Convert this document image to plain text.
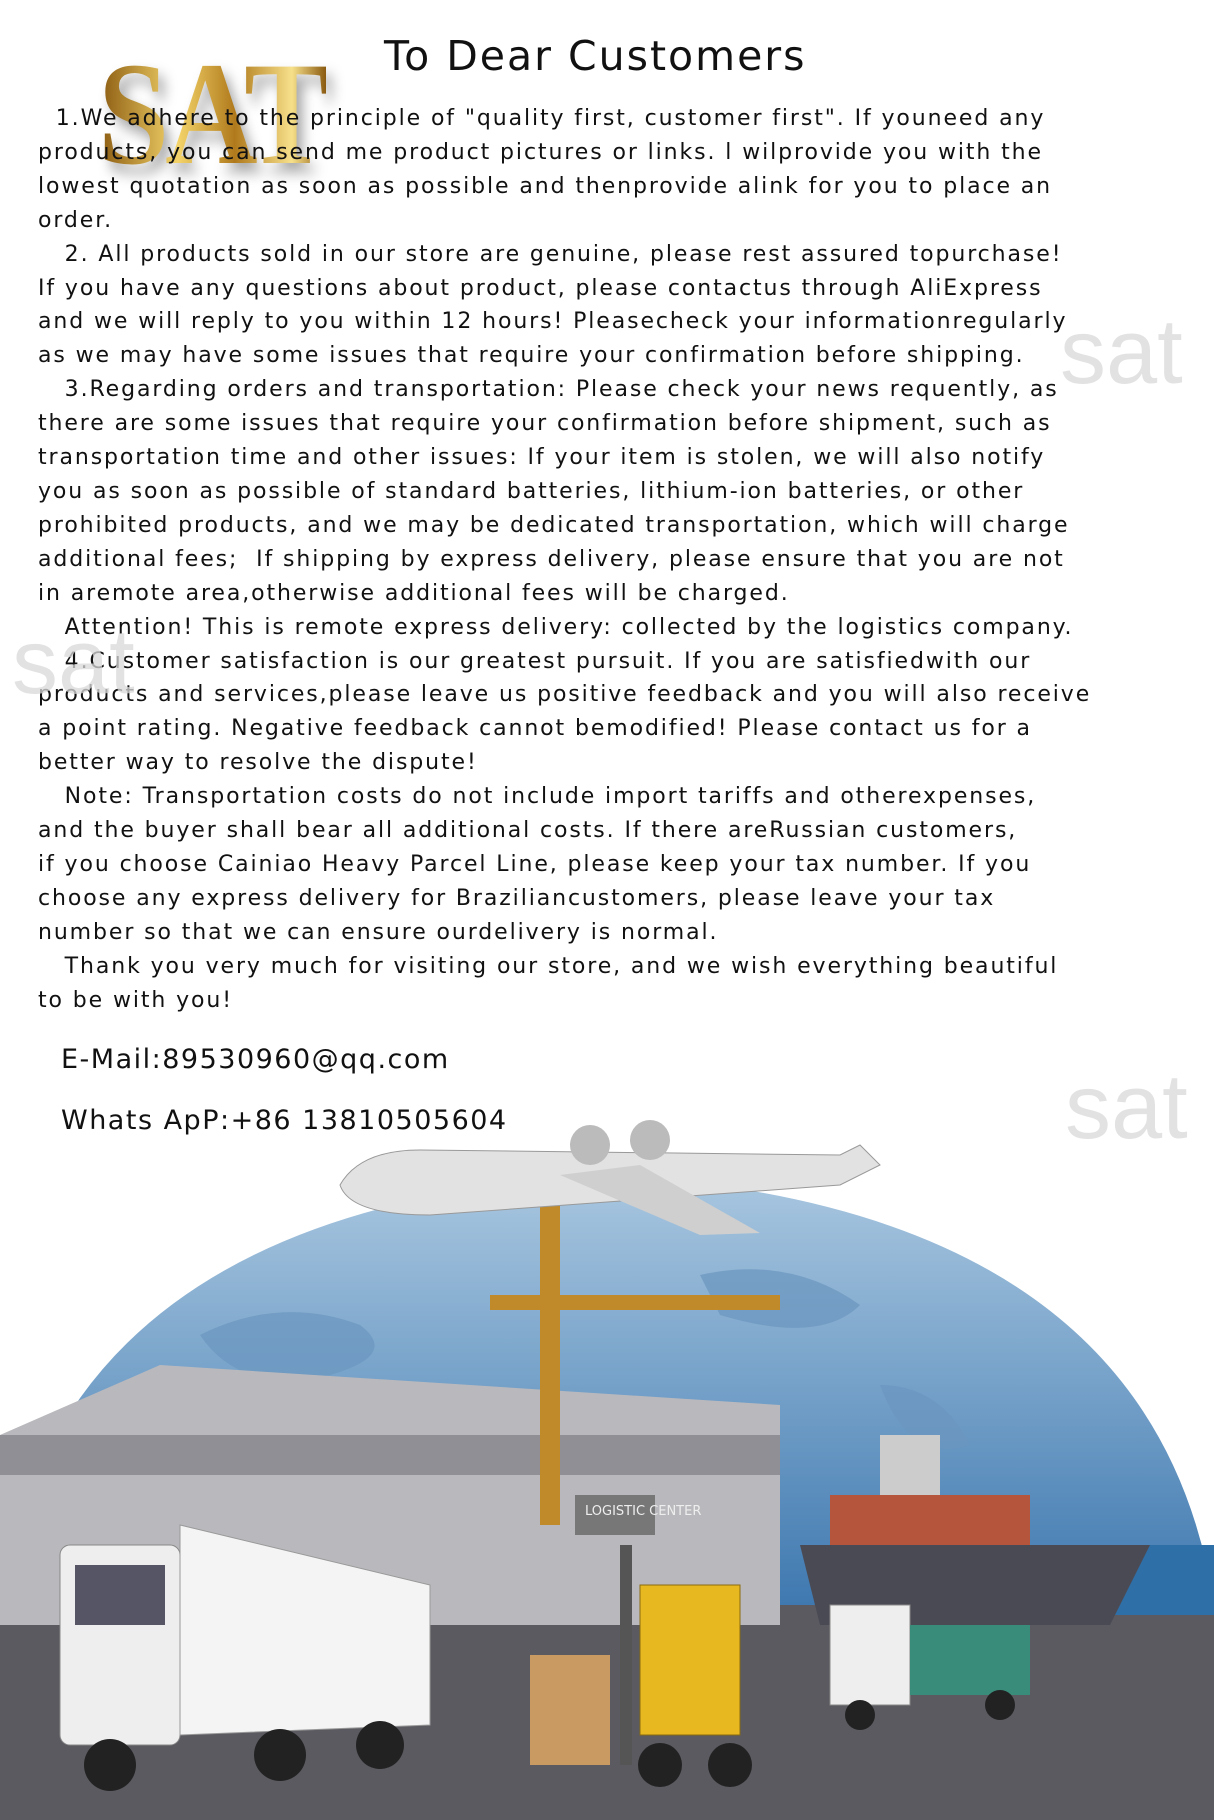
SAT To Dear Customers
1.We adhere to the principle of "quality first, customer first". If youneed any
products, you can send me product pictures or links. l wilprovide you with the
lowest quotation as soon as possible and thenprovide alink for you to place an
order.
2. All products sold in our store are genuine, please rest assured topurchase!
If you have any questions about product, please contactus through AliExpress
and we will reply to you within 12 hours! Pleasecheck your informationregularly
as we may have some issues that require your confirmation before shipping.
3.Regarding orders and transportation: Please check your news requently, as
there are some issues that require your confirmation before shipment, such as
transportation time and other issues: If your item is stolen, we will also notify
you as soon as possible of standard batteries, lithium-ion batteries, or other
prohibited products, and we may be dedicated transportation, which will charge
additional fees;  If shipping by express delivery, please ensure that you are not
in aremote area,otherwise additional fees will be charged.
Attention! This is remote express delivery: collected by the logistics company.
4.Customer satisfaction is our greatest pursuit. If you are satisfiedwith our
products and services,please leave us positive feedback and you will also receive
a point rating. Negative feedback cannot bemodified! Please contact us for a
better way to resolve the dispute!
Note: Transportation costs do not include import tariffs and otherexpenses,
and the buyer shall bear all additional costs. If there areRussian customers,
if you choose Cainiao Heavy Parcel Line, please keep your tax number. If you
choose any express delivery for Braziliancustomers, please leave your tax
number so that we can ensure ourdelivery is normal.
Thank you very much for visiting our store, and we wish everything beautiful
to be with you!
E-Mail:89530960@qq.com
Whats ApP:+86 13810505604
sat
sat
sat
LOGISTIC CENTER
